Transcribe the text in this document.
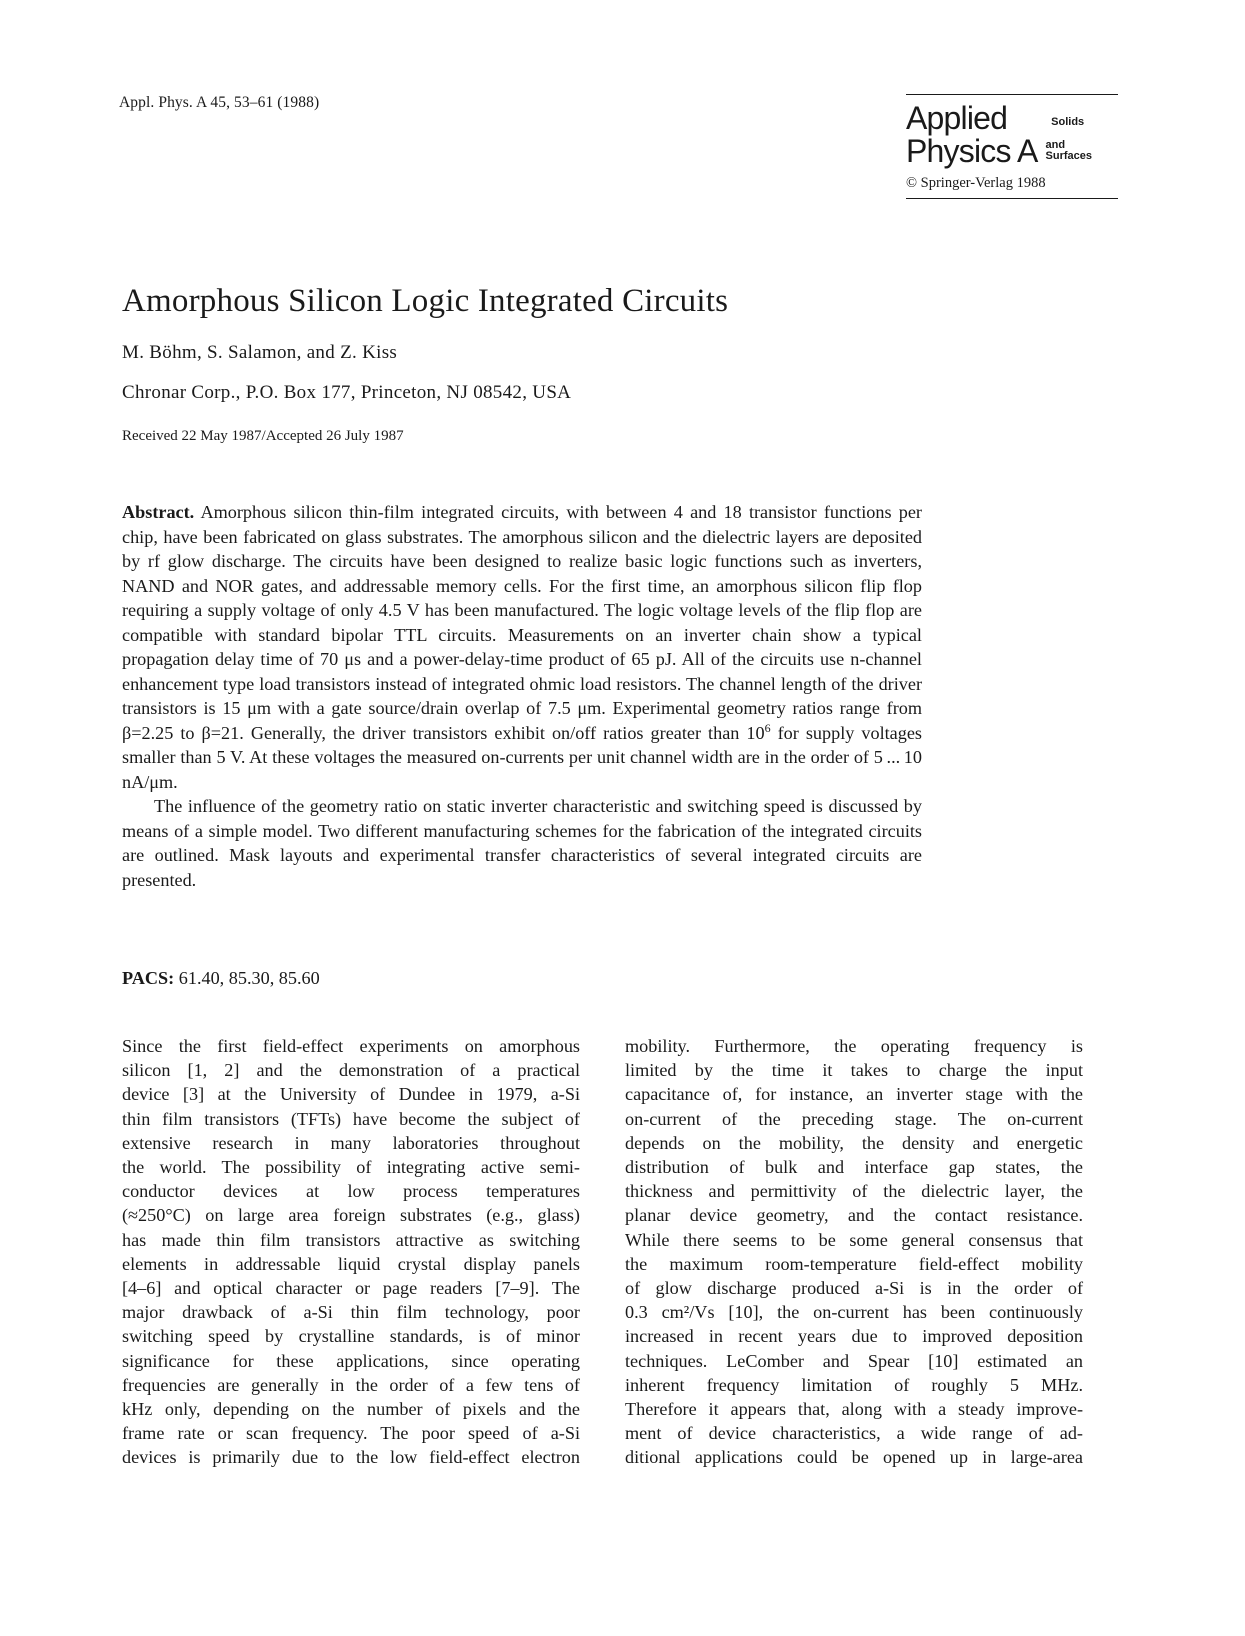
Appl. Phys. A 45, 53–61 (1988)	Applied	Solids
Physics A and
Surfaces
© Springer-Verlag 1988
Amorphous Silicon Logic Integrated Circuits
M. Böhm, S. Salamon, and Z. Kiss
Chronar Corp., P.O. Box 177, Princeton, NJ 08542, USA
Received 22 May 1987/Accepted 26 July 1987

Abstract. Amorphous silicon thin-film integrated circuits, with between 4 and 18 transistor functions per chip, have been fabricated on glass substrates. The amorphous silicon and the dielectric layers are deposited by rf glow discharge. The circuits have been designed to realize basic logic functions such as inverters, NAND and NOR gates, and addressable memory cells. For the first time, an amorphous silicon flip flop requiring a supply voltage of only 4.5 V has been manufactured. The logic voltage levels of the flip flop are compatible with standard bipolar TTL circuits. Measurements on an inverter chain show a typical propagation delay time of 70 μs and a power-delay-time product of 65 pJ. All of the circuits use n-channel enhancement type load transistors instead of integrated ohmic load resistors. The channel length of the driver transistors is 15 μm with a gate source/drain overlap of 7.5 μm. Experimental geometry ratios range from β=2.25 to β=21. Generally, the driver transistors exhibit on/off ratios greater than $10^6$ for supply voltages smaller than 5 V. At these voltages the measured on-currents per unit channel width are in the order of 5 ... 10 nA/μm.

The influence of the geometry ratio on static inverter characteristic and switching speed is discussed by means of a simple model. Two different manufacturing schemes for the fabrication of the integrated circuits are outlined. Mask layouts and experimental transfer characteristics of several integrated circuits are presented.

PACS: 61.40, 85.30, 85.60
Since the first field-effect experiments on amorphous
silicon [1, 2] and the demonstration of a practical
device [3] at the University of Dundee in 1979, a-Si
thin film transistors (TFTs) have become the subject of
extensive research in many laboratories throughout
the world. The possibility of integrating active semi-
conductor devices at low process temperatures
(≈250°C) on large area foreign substrates (e.g., glass)
has made thin film transistors attractive as switching
elements in addressable liquid crystal display panels
[4–6] and optical character or page readers [7–9]. The
major drawback of a-Si thin film technology, poor
switching speed by crystalline standards, is of minor
significance for these applications, since operating
frequencies are generally in the order of a few tens of
kHz only, depending on the number of pixels and the
frame rate or scan frequency. The poor speed of a-Si
devices is primarily due to the low field-effect electron
mobility. Furthermore, the operating frequency is
limited by the time it takes to charge the input
capacitance of, for instance, an inverter stage with the
on-current of the preceding stage. The on-current
depends on the mobility, the density and energetic
distribution of bulk and interface gap states, the
thickness and permittivity of the dielectric layer, the
planar device geometry, and the contact resistance.
While there seems to be some general consensus that
the maximum room-temperature field-effect mobility
of glow discharge produced a-Si is in the order of
0.3 cm²/Vs [10], the on-current has been continuously
increased in recent years due to improved deposition
techniques. LeComber and Spear [10] estimated an
inherent frequency limitation of roughly 5 MHz.
Therefore it appears that, along with a steady improve-
ment of device characteristics, a wide range of ad-
ditional applications could be opened up in large-area
